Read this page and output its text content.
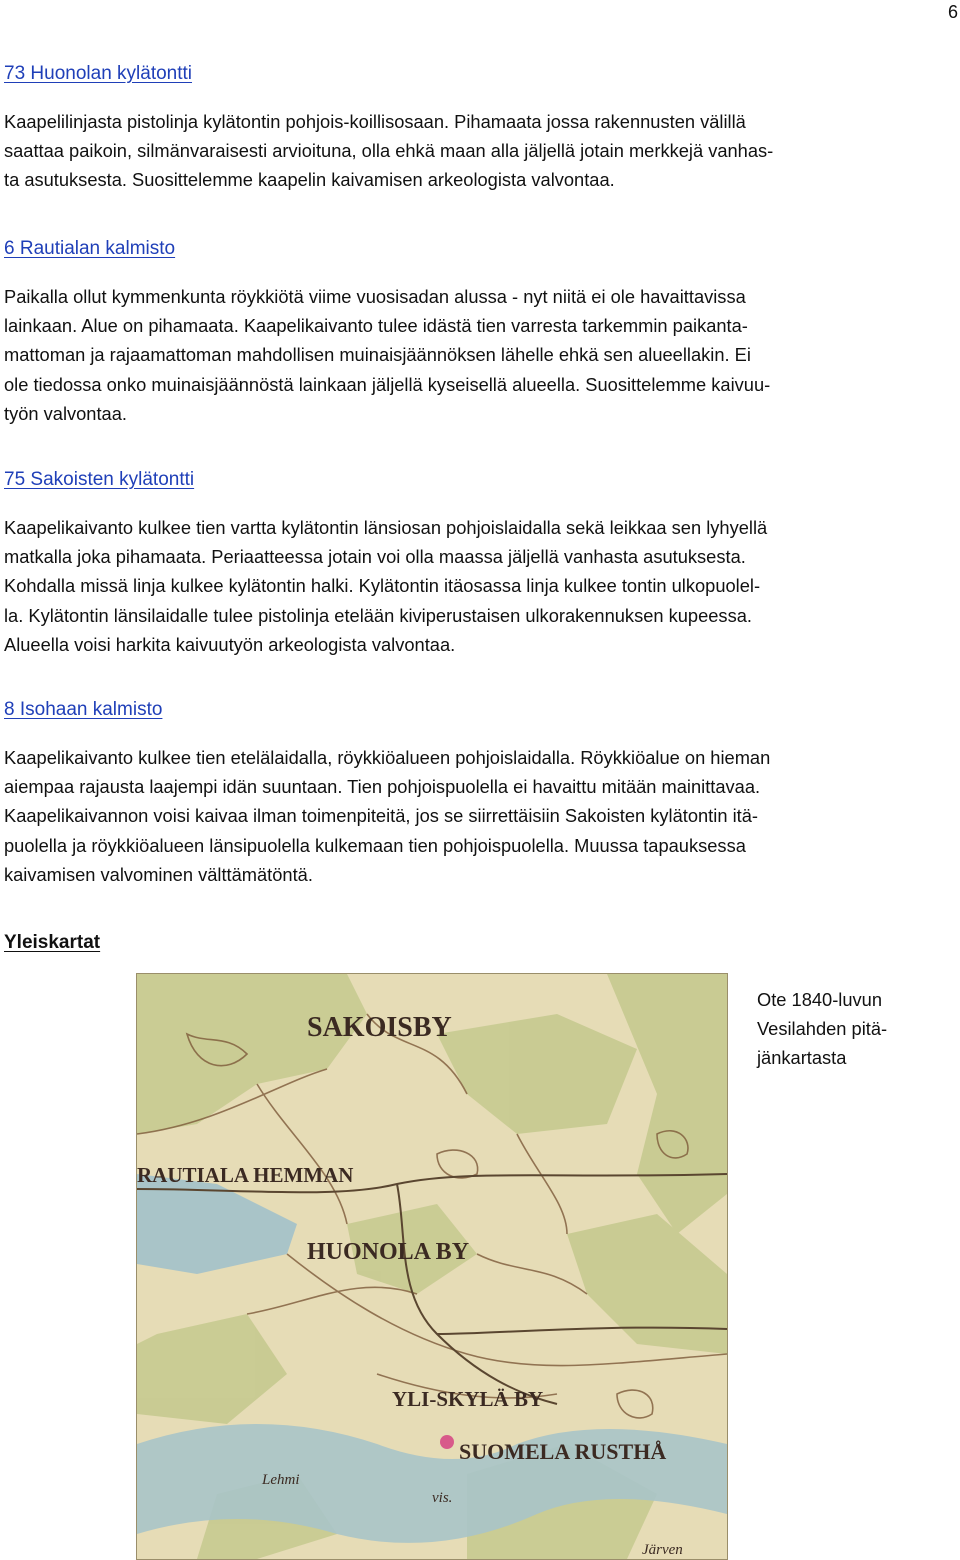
6
73 Huonolan kylätontti

Kaapelilinjasta pistolinja kylätontin pohjois-koillisosaan. Pihamaata jossa rakennusten välillä
saattaa paikoin, silmänvaraisesti arvioituna, olla ehkä maan alla jäljellä jotain merkkejä vanhas-
ta asutuksesta. Suosittelemme kaapelin kaivamisen arkeologista valvontaa.

6 Rautialan kalmisto

Paikalla ollut kymmenkunta röykkiötä viime vuosisadan alussa - nyt niitä ei ole havaittavissa
lainkaan. Alue on pihamaata. Kaapelikaivanto tulee idästä tien varresta tarkemmin paikanta-
mattoman ja rajaamattoman mahdollisen muinaisjäännöksen lähelle ehkä sen alueellakin. Ei
ole tiedossa onko muinaisjäännöstä lainkaan jäljellä kyseisellä alueella. Suosittelemme kaivuu-
työn valvontaa.

75 Sakoisten kylätontti

Kaapelikaivanto kulkee tien vartta kylätontin länsiosan pohjoislaidalla sekä leikkaa sen lyhyellä
matkalla joka pihamaata. Periaatteessa jotain voi olla maassa jäljellä vanhasta asutuksesta.
Kohdalla missä linja kulkee kylätontin halki. Kylätontin itäosassa linja kulkee tontin ulkopuolel-
la. Kylätontin länsilaidalle tulee pistolinja etelään kiviperustaisen ulkorakennuksen kupeessa.
Alueella voisi harkita kaivuutyön arkeologista valvontaa.

8 Isohaan kalmisto

Kaapelikaivanto kulkee tien etelälaidalla, röykkiöalueen pohjoislaidalla. Röykkiöalue on hieman
aiempaa rajausta laajempi idän suuntaan. Tien pohjoispuolella ei havaittu mitään mainittavaa.
Kaapelikaivannon voisi kaivaa ilman toimenpiteitä, jos se siirrettäisiin Sakoisten kylätontin itä-
puolella ja röykkiöalueen länsipuolella kulkemaan tien pohjoispuolella. Muussa tapauksessa
kaivamisen valvominen välttämätöntä.

Yleiskartat
SAKOISBY
RAUTIALA HEMMAN
HUONOLA BY
YLI-SKYLÄ BY
SUOMELA RUSTHÅ
Lehmi
vis.
Järven
Ote 1840-luvun
Vesilahden pitä-
jänkartasta
